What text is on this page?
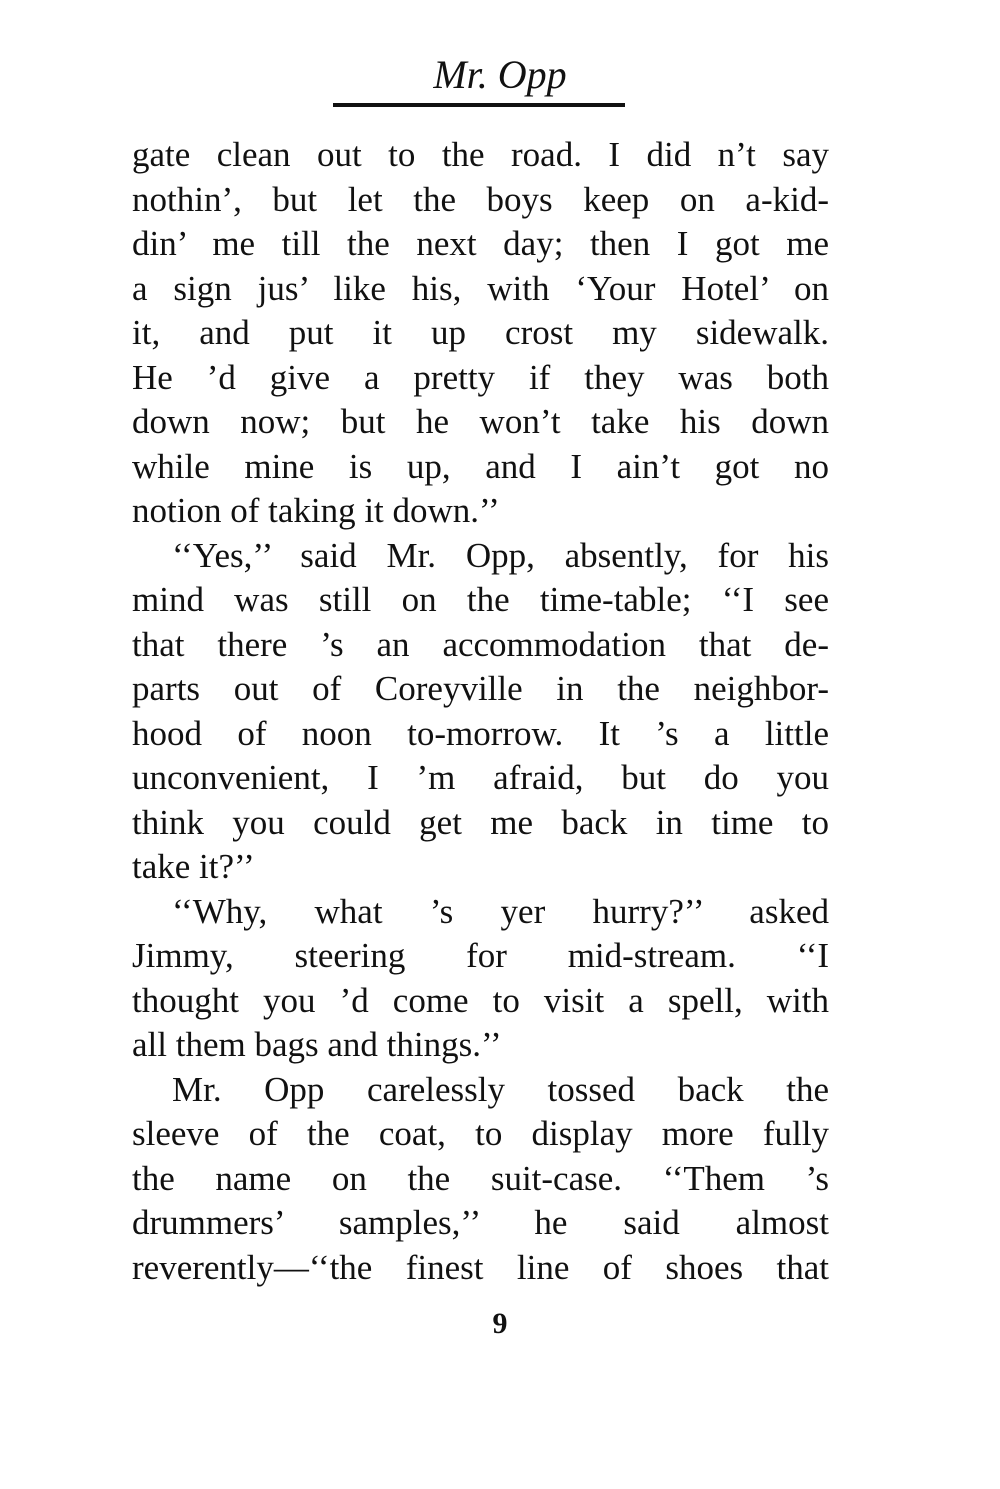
Mr. Opp
gate clean out to the road. I did n’t say
nothin’, but let the boys keep on a-kid-
din’ me till the next day; then I got me
a sign jus’ like his, with ‘Your Hotel’ on
it, and put it up crost my sidewalk.
He ’d give a pretty if they was both
down now; but he won’t take his down
while mine is up, and I ain’t got no
notion of taking it down.’’
‘‘Yes,’’ said Mr. Opp, absently, for his
mind was still on the time-table; ‘‘I see
that there ’s an accommodation that de-
parts out of Coreyville in the neighbor-
hood of noon to-morrow. It ’s a little
unconvenient, I ’m afraid, but do you
think you could get me back in time to
take it?’’
‘‘Why, what ’s yer hurry?’’ asked
Jimmy, steering for mid-stream. ‘‘I
thought you ’d come to visit a spell, with
all them bags and things.’’
Mr. Opp carelessly tossed back the
sleeve of the coat, to display more fully
the name on the suit-case. ‘‘Them ’s
drummers’ samples,’’ he said almost
reverently—‘‘the finest line of shoes that
9
